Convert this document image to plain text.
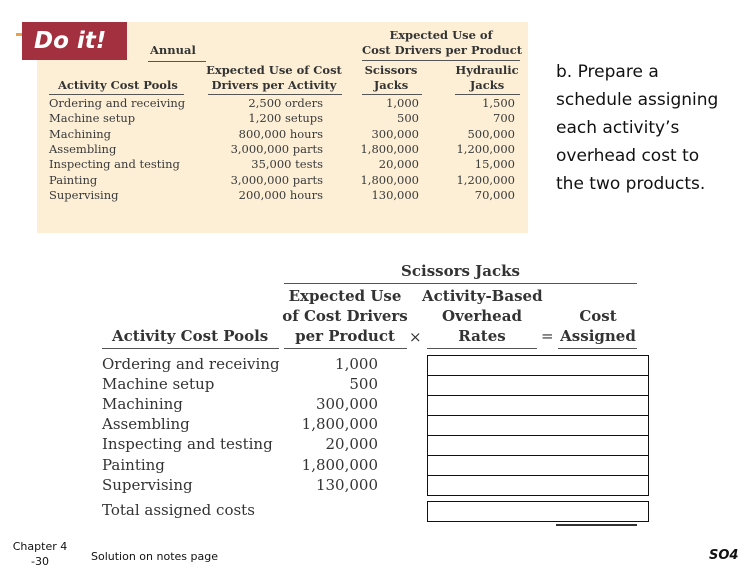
Do it!	Annual
Expected Use of
Cost Drivers per Product
Activity Cost Pools
Expected Use of Cost
Drivers per Activity
Scissors
Jacks
Hydraulic
Jacks
Ordering and receiving	2,500 orders	1,000	1,500
Machine setup	1,200 setups	500	700
Machining	800,000 hours	300,000	500,000
Assembling	3,000,000 parts	1,800,000	1,200,000
Inspecting and testing	35,000 tests	20,000	15,000
Painting	3,000,000 parts	1,800,000	1,200,000
Supervising	200,000 hours	130,000	70,000
b. Prepare a
schedule assigning
each activity’s
overhead cost to
the two products.
Scissors Jacks
Activity Cost Pools
Expected Use
of Cost Drivers
per Product ×
Activity-Based
Overhead
Rates	=
Cost
Assigned
Ordering and receiving	1,000
Machine setup	500
Machining	300,000
Assembling	1,800,000
Inspecting and testing	20,000
Painting	1,800,000
Supervising	130,000
Total assigned costs
Chapter 4
-30	Solution on notes page	SO4
